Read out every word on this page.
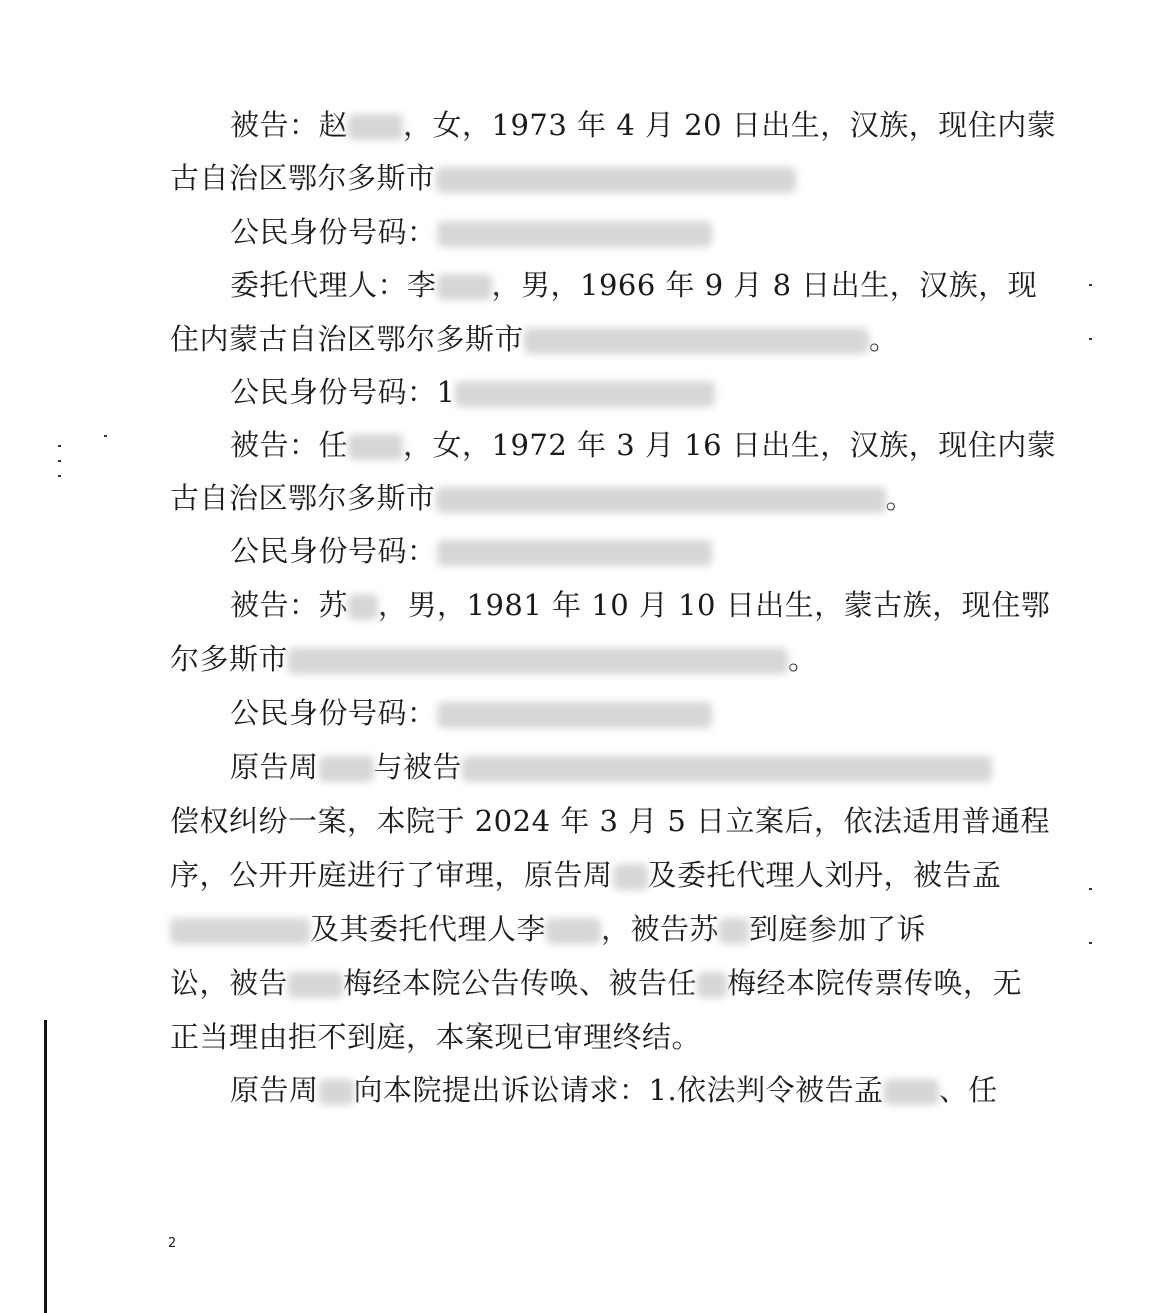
被告：赵 ，女，1973 年 4 月 20 日出生，汉族，现住内蒙
古自治区鄂尔多斯市
公民身份号码：
委托代理人：李 ，男，1966 年 9 月 8 日出生，汉族，现
住内蒙古自治区鄂尔多斯市	。
公民身份号码：1
被告：任 ，女，1972 年 3 月 16 日出生，汉族，现住内蒙
古自治区鄂尔多斯市	。
公民身份号码：
被告：苏 ，男，1981 年 10 月 10 日出生，蒙古族，现住鄂
尔多斯市	。
公民身份号码：
原告周 与被告
偿权纠纷一案，本院于 2024 年 3 月 5 日立案后，依法适用普通程
序，公开开庭进行了审理，原告周 及委托代理人刘丹，被告孟
及其委托代理人李 ，被告苏 到庭参加了诉
讼，被告 梅经本院公告传唤、被告任 梅经本院传票传唤，无
正当理由拒不到庭，本案现已审理终结。
原告周 向本院提出诉讼请求：1.依法判令被告孟 、任
2
